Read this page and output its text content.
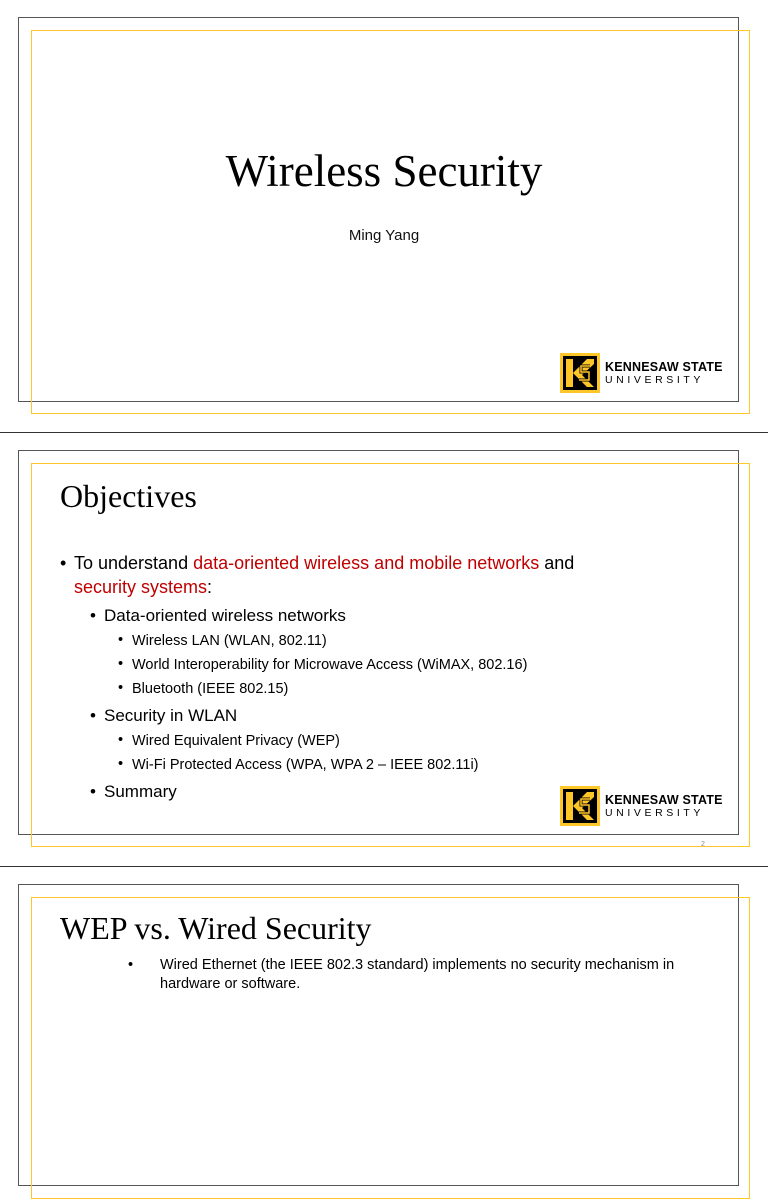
Wireless Security
Ming Yang
KENNESAW STATE
UNIVERSITY
Objectives
• To understand data-oriented wireless and mobile networks and
security systems:
• Data-oriented wireless networks
• Wireless LAN (WLAN, 802.11)
• World Interoperability for Microwave Access (WiMAX, 802.16)
• Bluetooth (IEEE 802.15)
• Security in WLAN
• Wired Equivalent Privacy (WEP)
• Wi-Fi Protected Access (WPA, WPA 2 – IEEE 802.11i)
• Summary	KENNESAW STATE
UNIVERSITY
2
WEP vs. Wired Security
• Wired Ethernet (the IEEE 802.3 standard) implements no security mechanism in hardware or software.
